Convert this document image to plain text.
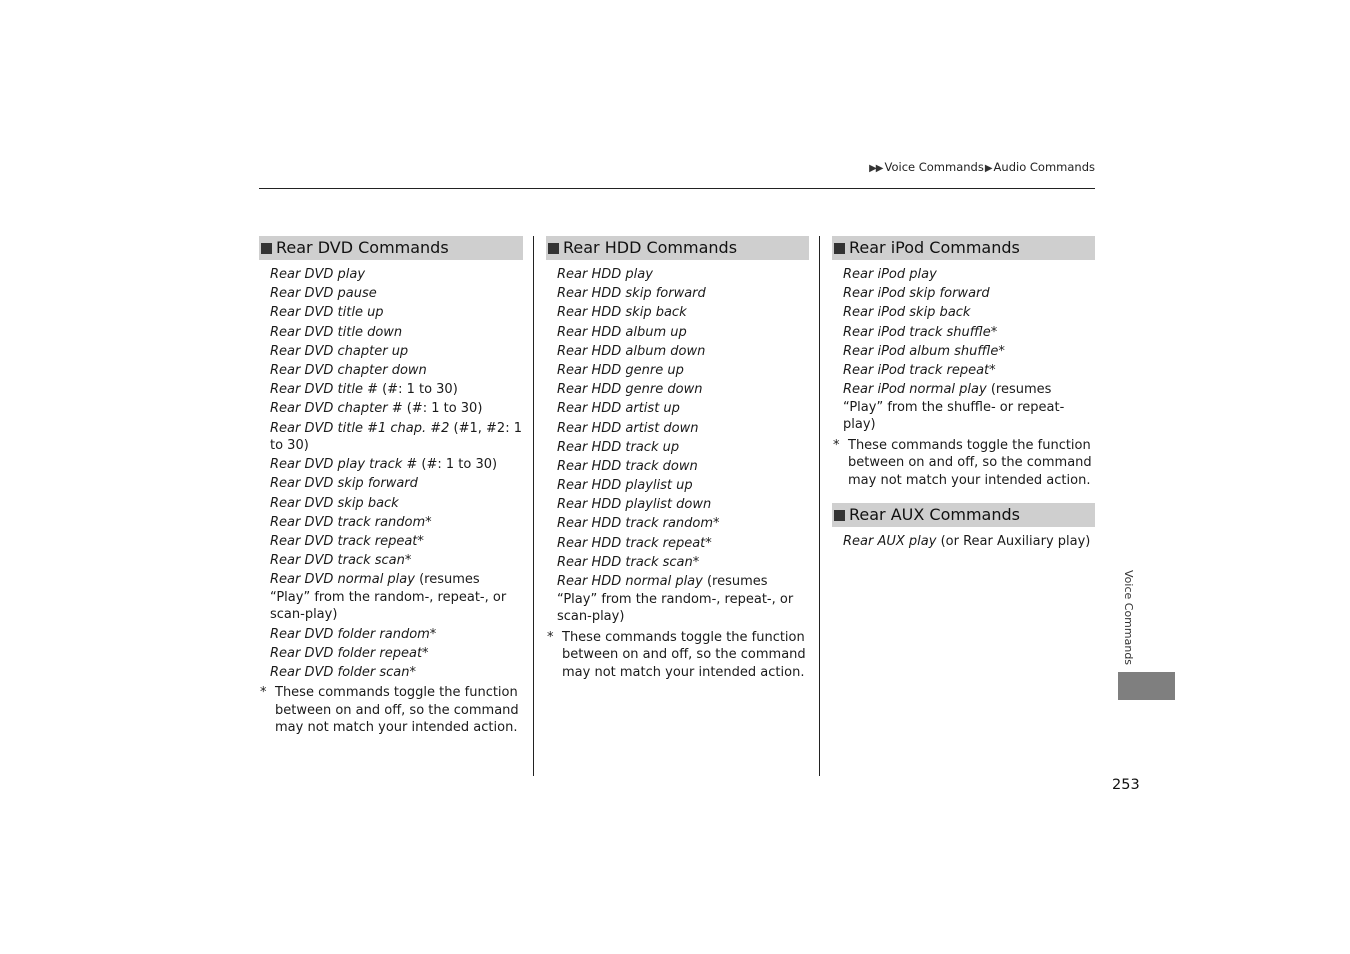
▶▶ Voice Commands▶Audio Commands
Rear DVD Commands
Rear DVD play
Rear DVD pause
Rear DVD title up
Rear DVD title down
Rear DVD chapter up
Rear DVD chapter down
Rear DVD title # (#: 1 to 30)
Rear DVD chapter # (#: 1 to 30)
Rear DVD title #1 chap. #2 (#1, #2: 1 to 30)
Rear DVD play track # (#: 1 to 30)
Rear DVD skip forward
Rear DVD skip back
Rear DVD track random*
Rear DVD track repeat*
Rear DVD track scan*
Rear DVD normal play (resumes “Play” from the random-, repeat-, or scan-play)
Rear DVD folder random*
Rear DVD folder repeat*
Rear DVD folder scan*
* These commands toggle the function between on and off, so the command may not match your intended action.
Rear HDD Commands
Rear HDD play
Rear HDD skip forward
Rear HDD skip back
Rear HDD album up
Rear HDD album down
Rear HDD genre up
Rear HDD genre down
Rear HDD artist up
Rear HDD artist down
Rear HDD track up
Rear HDD track down
Rear HDD playlist up
Rear HDD playlist down
Rear HDD track random*
Rear HDD track repeat*
Rear HDD track scan*
Rear HDD normal play (resumes “Play” from the random-, repeat-, or scan-play)
* These commands toggle the function between on and off, so the command may not match your intended action.
Rear iPod Commands
Rear iPod play
Rear iPod skip forward
Rear iPod skip back
Rear iPod track shuffle*
Rear iPod album shuffle*
Rear iPod track repeat*
Rear iPod normal play (resumes “Play” from the shuffle- or repeat-play)
* These commands toggle the function between on and off, so the command may not match your intended action.
Rear AUX Commands
Rear AUX play (or Rear Auxiliary play)
Voice Commands
253
